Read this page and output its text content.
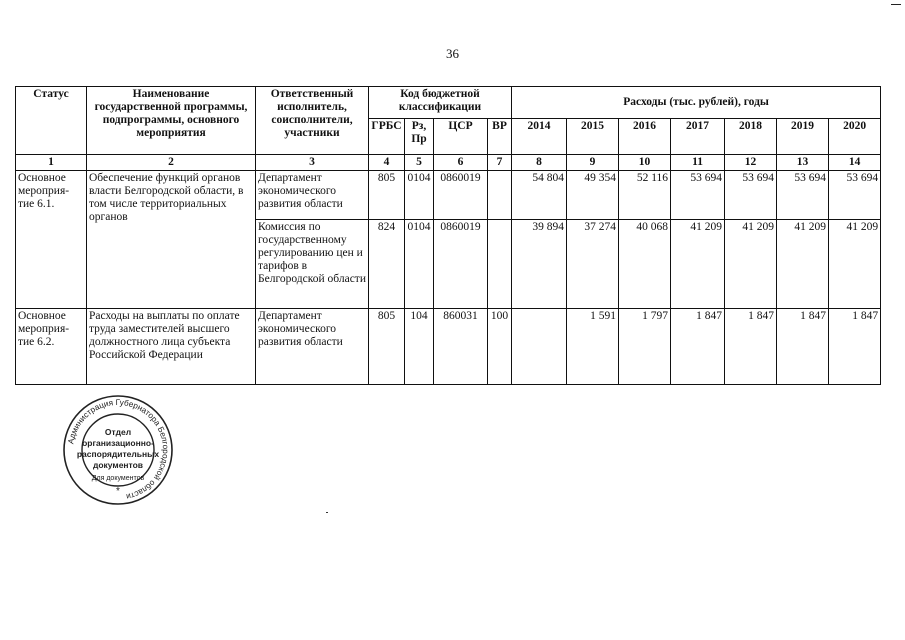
36
Статус	Наименование государственной программы, подпрограммы, основного мероприятия	Ответственный исполнитель, соисполнители, участники	Код бюджетной классификации				Расходы (тыс. рублей), годы						
			ГРБС	Рз, Пр	ЦСР	ВР	2014	2015	2016	2017	2018	2019	2020
1	2	3	4	5	6	7	8	9	10	11	12	13	14
Основное мероприя-тие 6.1.	Обеспечение функций органов власти Белгородской области, в том числе территориальных органов	Департамент экономического развития области	805	0104	0860019		54 804	49 354	52 116	53 694	53 694	53 694	53 694
		Комиссия по государственному регулированию цен и тарифов в Белгородской области	824	0104	0860019		39 894	37 274	40 068	41 209	41 209	41 209	41 209
Основное мероприя-тие 6.2.	Расходы на выплаты по оплате труда заместителей высшего должностного лица субъекта Российской Федерации	Департамент экономического развития области	805	104	860031	100		1 591	1 797	1 847	1 847	1 847	1 847
Администрация Губернатора Белгородской области
Отдел
организационно-
распорядительных
документов
Для документов
*
